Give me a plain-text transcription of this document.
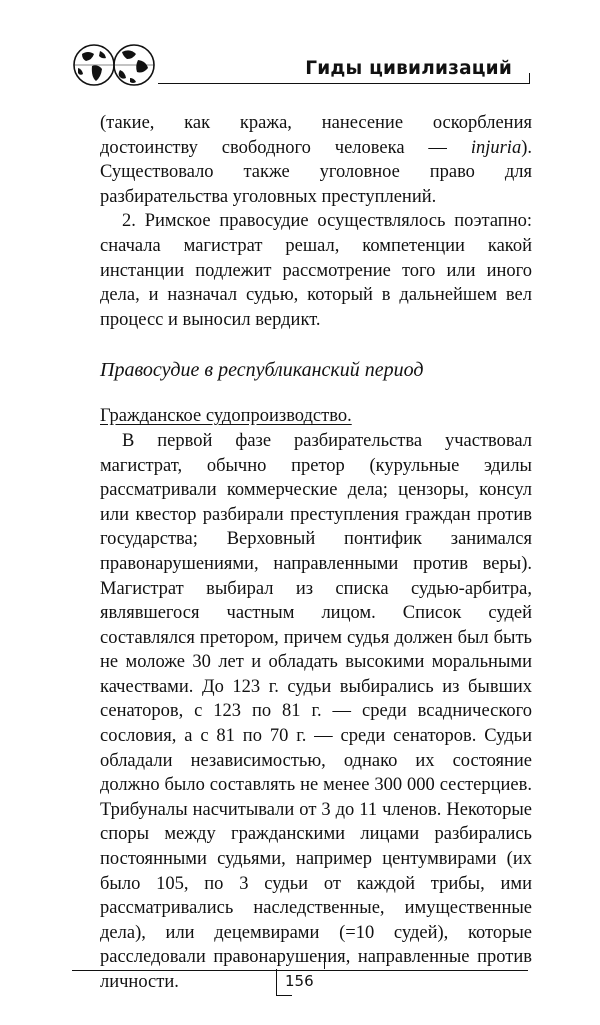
Гиды цивилизаций

(такие, как кража, нанесение оскорбления достоинству свободного человека — injuria). Существовало также уголовное право для разбирательства уголовных преступлений.

2. Римское правосудие осуществлялось поэтапно: сначала магистрат решал, компетенции какой инстанции подлежит рассмотрение того или иного дела, и назначал судью, который в дальнейшем вел процесс и выносил вердикт.

Правосудие в республиканский период

Гражданское судопроизводство.

В первой фазе разбирательства участвовал магистрат, обычно претор (курульные эдилы рассматривали коммерческие дела; цензоры, консул или квестор разбирали преступления граждан против государства; Верховный понтифик занимался правонарушениями, направленными против веры). Магистрат выбирал из списка судью-арбитра, являвшегося частным лицом. Список судей составлялся претором, причем судья должен был быть не моложе 30 лет и обладать высокими моральными качествами. До 123 г. судьи выбирались из бывших сенаторов, с 123 по 81 г. — среди всаднического сословия, а с 81 по 70 г. — среди сенаторов. Судьи обладали независимостью, однако их состояние должно было составлять не менее 300 000 сестерциев. Трибуналы насчитывали от 3 до 11 членов. Некоторые споры между гражданскими лицами разбирались постоянными судьями, например центумвирами (их было 105, по 3 судьи от каждой трибы, ими рассматривались наследственные, имущественные дела), или децемвирами (=10 судей), которые расследовали правонарушения, направленные против личности.	156
